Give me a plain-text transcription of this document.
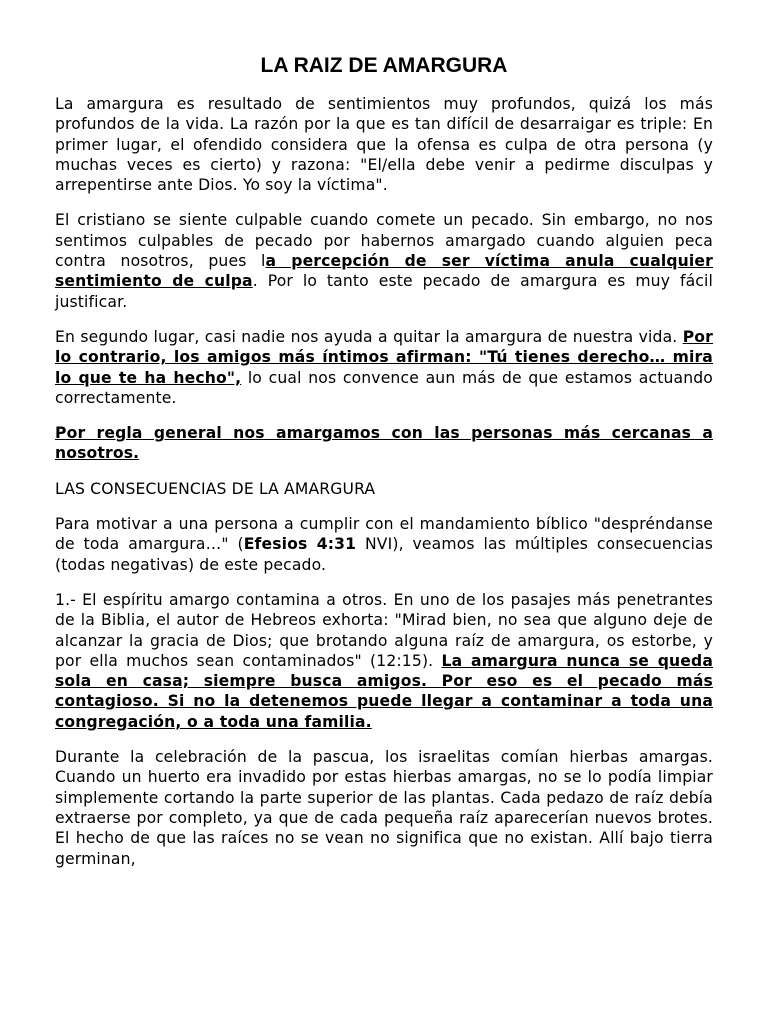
LA RAIZ DE AMARGURA

La amargura es resultado de sentimientos muy profundos, quizá los más profundos de la vida. La razón por la que es tan difícil de desarraigar es triple: En primer lugar, el ofendido considera que la ofensa es culpa de otra persona (y muchas veces es cierto) y razona: "El/ella debe venir a pedirme disculpas y arrepentirse ante Dios. Yo soy la víctima".

El cristiano se siente culpable cuando comete un pecado. Sin embargo, no nos sentimos culpables de pecado por habernos amargado cuando alguien peca contra nosotros, pues la percepción de ser víctima anula cualquier sentimiento de culpa. Por lo tanto este pecado de amargura es muy fácil justificar.

En segundo lugar, casi nadie nos ayuda a quitar la amargura de nuestra vida. Por lo contrario, los amigos más íntimos afirman: "Tú tienes derecho… mira lo que te ha hecho", lo cual nos convence aun más de que estamos actuando correctamente.

Por regla general nos amargamos con las personas más cercanas a nosotros.

LAS CONSECUENCIAS DE LA AMARGURA

Para motivar a una persona a cumplir con el mandamiento bíblico "despréndanse de toda amargura…" (Efesios 4:31 NVI), veamos las múltiples consecuencias (todas negativas) de este pecado.

1.- El espíritu amargo contamina a otros. En uno de los pasajes más penetrantes de la Biblia, el autor de Hebreos exhorta: "Mirad bien, no sea que alguno deje de alcanzar la gracia de Dios; que brotando alguna raíz de amargura, os estorbe, y por ella muchos sean contaminados" (12:15). La amargura nunca se queda sola en casa; siempre busca amigos. Por eso es el pecado más contagioso. Si no la detenemos puede llegar a contaminar a toda una congregación, o a toda una familia.

Durante la celebración de la pascua, los israelitas comían hierbas amargas. Cuando un huerto era invadido por estas hierbas amargas, no se lo podía limpiar simplemente cortando la parte superior de las plantas. Cada pedazo de raíz debía extraerse por completo, ya que de cada pequeña raíz aparecerían nuevos brotes. El hecho de que las raíces no se vean no significa que no existan. Allí bajo tierra germinan,
